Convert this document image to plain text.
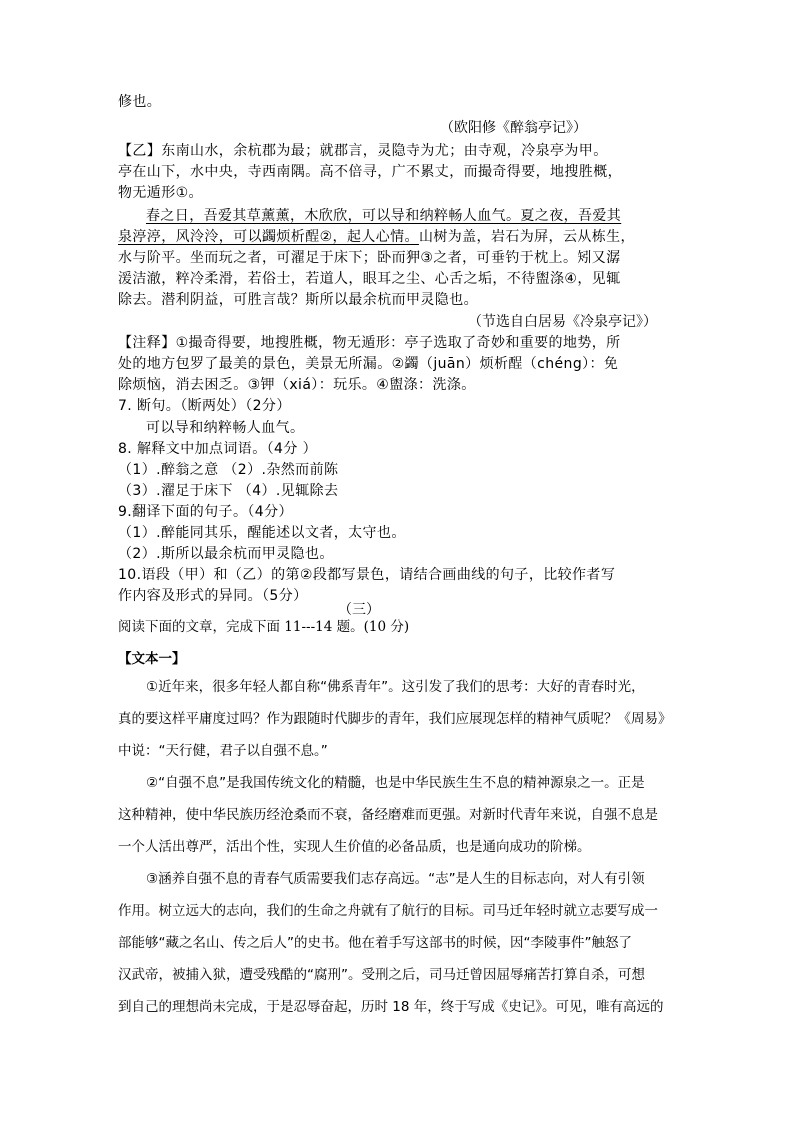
修也。
（欧阳修《醉翁亭记》）
【乙】东南山水，余杭郡为最；就郡言，灵隐寺为尤；由寺观，冷泉亭为甲。
亭在山下，水中央，寺西南隅。高不倍寻，广不累丈，而撮奇得要，地搜胜概，
物无遁形①。
春之日，吾爱其草薰薰，木欣欣，可以导和纳粹畅人血气。夏之夜，吾爱其
泉渟渟，风泠泠，可以蠲烦析酲②，起人心情。山树为盖，岩石为屏，云从栋生，
水与阶平。坐而玩之者，可濯足于床下；卧而狎③之者，可垂钓于枕上。矧又潺
湲洁澈，粹冷柔滑，若俗士，若道人，眼耳之尘、心舌之垢，不待盥涤④，见辄
除去。潜利阴益，可胜言哉？斯所以最余杭而甲灵隐也。
（节选自白居易《冷泉亭记》）
【注释】①撮奇得要，地搜胜概，物无遁形：亭子选取了奇妙和重要的地势，所
处的地方包罗了最美的景色，美景无所漏。②蠲（juān）烦析酲（chéng）：免
除烦恼，消去困乏。③钾（xiá）：玩乐。④盥涤：洗涤。
7. 断句。（断两处）（2分）
可以导和纳粹畅人血气。
8. 解释文中加点词语。（4分 ）
（1）.醉翁之意 （2）.杂然而前陈
（3）.濯足于床下 （4）.见辄除去
9.翻译下面的句子。（4分）
（1）.醉能同其乐，醒能述以文者，太守也。
（2）.斯所以最余杭而甲灵隐也。
10.语段（甲）和（乙）的第②段都写景色，请结合画曲线的句子，比较作者写
作内容及形式的异同。（5分）
（三）
阅读下面的文章，完成下面 11---14 题。(10 分)
【文本一】
①近年来，很多年轻人都自称“佛系青年”。这引发了我们的思考：大好的青春时光，
真的要这样平庸度过吗？作为跟随时代脚步的青年，我们应展现怎样的精神气质呢？《周易》
中说：“天行健，君子以自强不息。”
②“自强不息”是我国传统文化的精髓，也是中华民族生生不息的精神源泉之一。正是
这种精神，使中华民族历经沧桑而不衰，备经磨难而更强。对新时代青年来说，自强不息是
一个人活出尊严，活出个性，实现人生价值的必备品质，也是通向成功的阶梯。
③涵养自强不息的青春气质需要我们志存高远。“志”是人生的目标志向，对人有引领
作用。树立远大的志向，我们的生命之舟就有了航行的目标。司马迁年轻时就立志要写成一
部能够“藏之名山、传之后人”的史书。他在着手写这部书的时候，因“李陵事件”触怒了
汉武帝，被捕入狱，遭受残酷的“腐刑”。受刑之后，司马迁曾因屈辱痛苦打算自杀，可想
到自己的理想尚未完成，于是忍辱奋起，历时 18 年，终于写成《史记》。可见，唯有高远的
